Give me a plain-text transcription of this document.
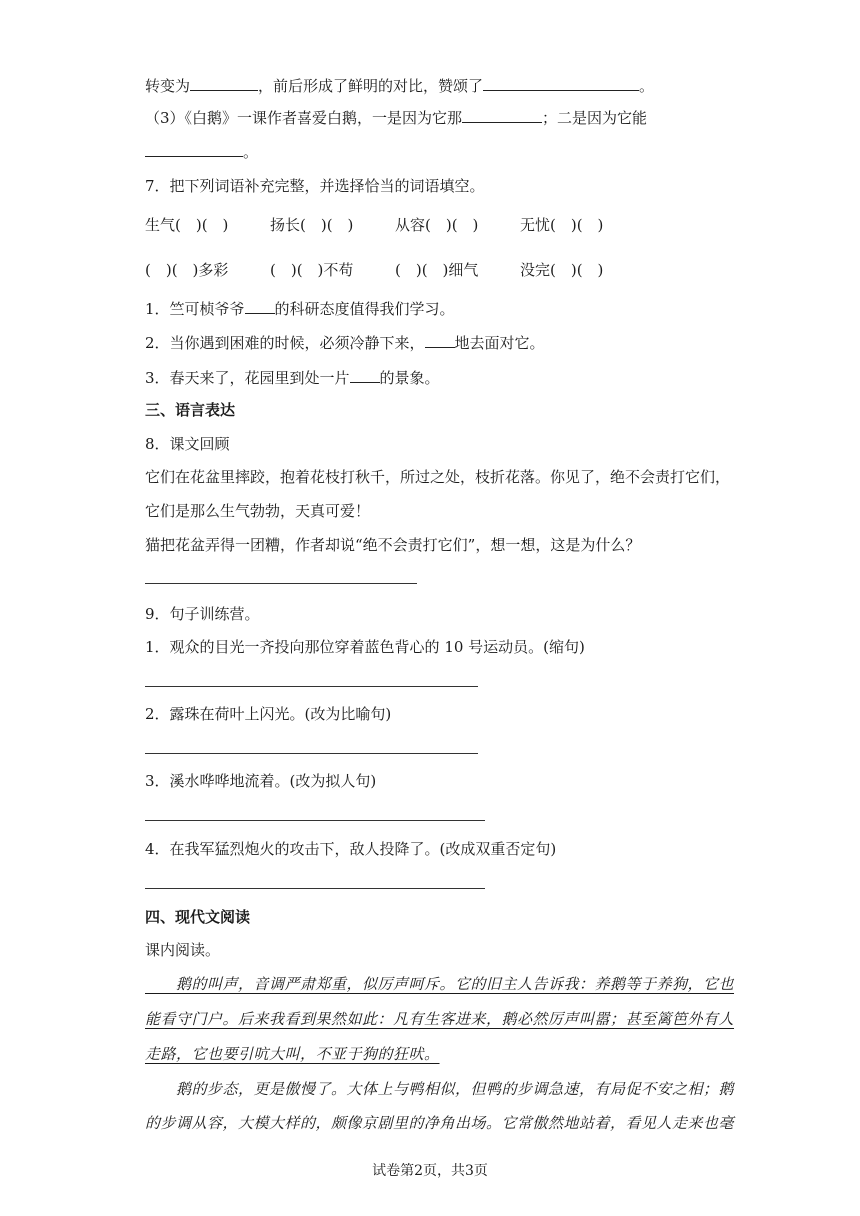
转变为	，前后形成了鲜明的对比，赞颂了	。
（3）《白鹅》一课作者喜爱白鹅，一是因为它那	；二是因为它能
。
7．把下列词语补充完整，并选择恰当的词语填空。
生气(　)(　)	扬长(　)(　)	从容(　)(　)	无忧(　)(　)
(　)(　)多彩	(　)(　)不苟	(　)(　)细气	没完(　)(　)
1．竺可桢爷爷 的科研态度值得我们学习。
2．当你遇到困难的时候，必须冷静下来， 地去面对它。
3．春天来了，花园里到处一片 的景象。
三、语言表达
8．课文回顾
它们在花盆里摔跤，抱着花枝打秋千，所过之处，枝折花落。你见了，绝不会责打它们，
它们是那么生气勃勃，天真可爱！
猫把花盆弄得一团糟，作者却说“绝不会责打它们”，想一想，这是为什么？
9．句子训练营。
1．观众的目光一齐投向那位穿着蓝色背心的 10 号运动员。(缩句)
2．露珠在荷叶上闪光。(改为比喻句)
3．溪水哗哗地流着。(改为拟人句)
4．在我军猛烈炮火的攻击下，敌人投降了。(改成双重否定句)
四、现代文阅读
课内阅读。
　　鹅的叫声，音调严肃郑重，似厉声呵斥。它的旧主人告诉我：养鹅等于养狗，它也
能看守门户。后来我看到果然如此：凡有生客进来，鹅必然厉声叫嚣；甚至篱笆外有人
走路，它也要引吭大叫，不亚于狗的狂吠。
　　鹅的步态，更是傲慢了。大体上与鸭相似，但鸭的步调急速，有局促不安之相；鹅
的步调从容，大模大样的，颇像京剧里的净角出场。它常傲然地站着，看见人走来也毫
试卷第2页，共3页
